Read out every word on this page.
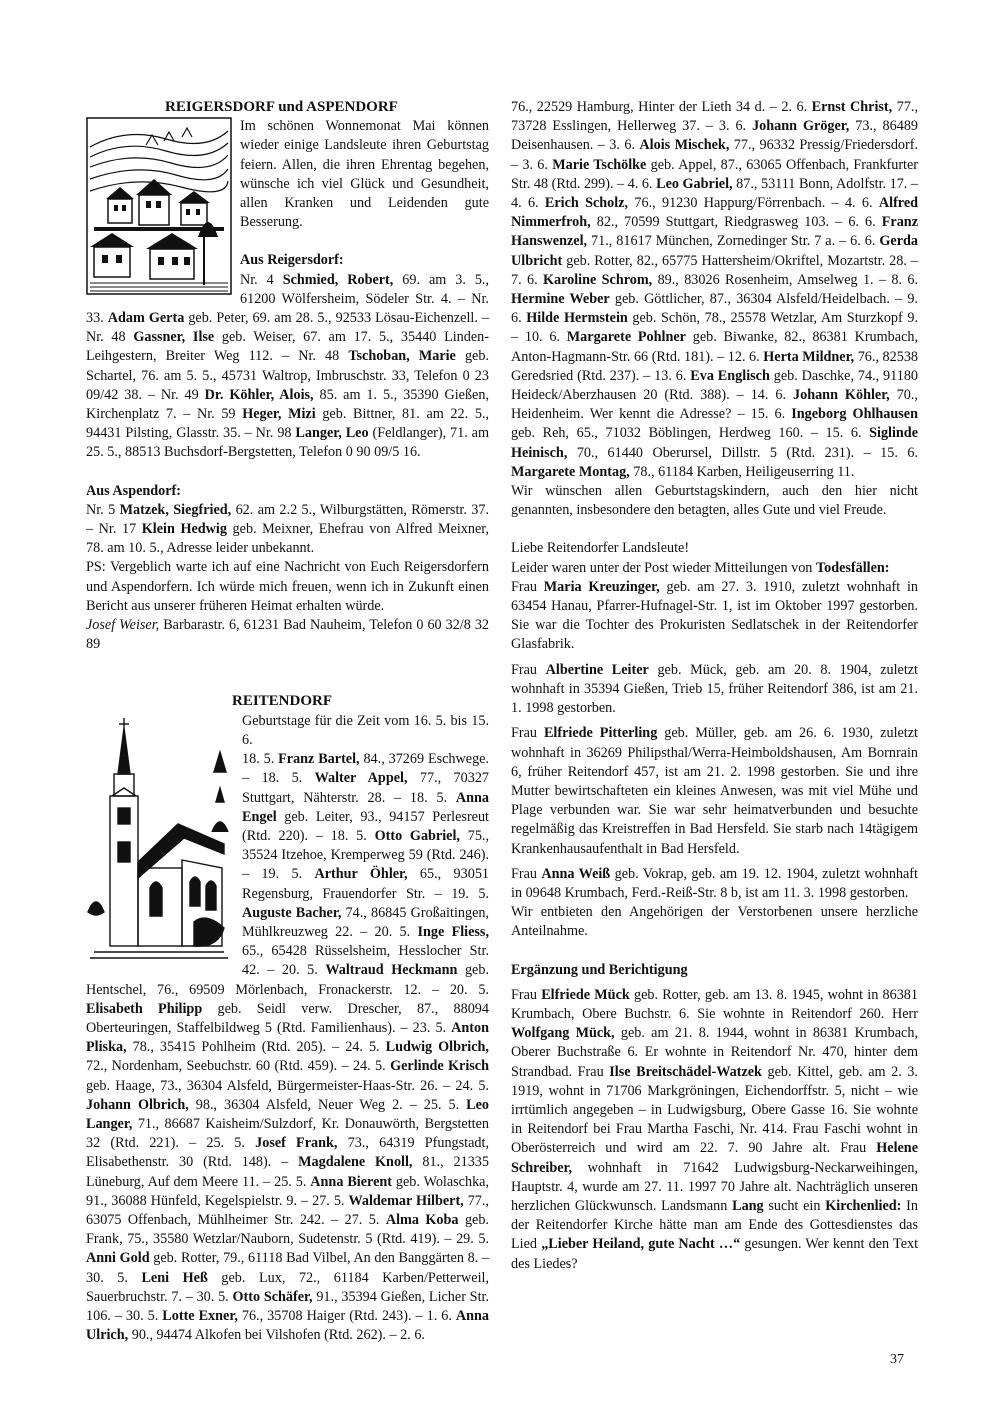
REIGERSDORF und ASPENDORF

Im schönen Wonnemonat Mai können wieder einige Landsleute ihren Geburtstag feiern. Allen, die ihren Ehrentag begehen, wünsche ich viel Glück und Gesundheit, allen Kranken und Leidenden gute Besserung.

Aus Reigersdorf:

Nr. 4 Schmied, Robert, 69. am 3. 5., 61200 Wölfersheim, Södeler Str. 4. – Nr. 33. Adam Gerta geb. Peter, 69. am 28. 5., 92533 Lösau-Eichenzell. – Nr. 48 Gassner, Ilse geb. Weiser, 67. am 17. 5., 35440 Linden-Leihgestern, Breiter Weg 112. – Nr. 48 Tschoban, Marie geb. Schartel, 76. am 5. 5., 45731 Waltrop, Imbruschstr. 33, Telefon 0 23 09/42 38. – Nr. 49 Dr. Köhler, Alois, 85. am 1. 5., 35390 Gießen, Kirchenplatz 7. – Nr. 59 Heger, Mizi geb. Bittner, 81. am 22. 5., 94431 Pilsting, Glasstr. 35. – Nr. 98 Langer, Leo (Feldlanger), 71. am 25. 5., 88513 Buchsdorf-Bergstetten, Telefon 0 90 09/5 16.

Aus Aspendorf:

Nr. 5 Matzek, Siegfried, 62. am 2.2 5., Wilburgstätten, Römerstr. 37. – Nr. 17 Klein Hedwig geb. Meixner, Ehefrau von Alfred Meixner, 78. am 10. 5., Adresse leider unbekannt.

PS: Vergeblich warte ich auf eine Nachricht von Euch Reigersdorfern und Aspendorfern. Ich würde mich freuen, wenn ich in Zukunft einen Bericht aus unserer früheren Heimat erhalten würde.

Josef Weiser, Barbarastr. 6, 61231 Bad Nauheim, Telefon 0 60 32/8 32 89

REITENDORF

Geburtstage für die Zeit vom 16. 5. bis 15. 6.

18. 5. Franz Bartel, 84., 37269 Eschwege. – 18. 5. Walter Appel, 77., 70327 Stuttgart, Nähterstr. 28. – 18. 5. Anna Engel geb. Leiter, 93., 94157 Perlesreut (Rtd. 220). – 18. 5. Otto Gabriel, 75., 35524 Itzehoe, Kremperweg 59 (Rtd. 246). – 19. 5. Arthur Öhler, 65., 93051 Regensburg, Frauendorfer Str. – 19. 5. Auguste Bacher, 74., 86845 Großaitingen, Mühlkreuzweg 22. – 20. 5. Inge Fliess, 65., 65428 Rüsselsheim, Hesslocher Str. 42. – 20. 5. Waltraud Heckmann geb. Hentschel, 76., 69509 Mörlenbach, Fronackerstr. 12. – 20. 5. Elisabeth Philipp geb. Seidl verw. Drescher, 87., 88094 Oberteuringen, Staffelbildweg 5 (Rtd. Familienhaus). – 23. 5. Anton Pliska, 78., 35415 Pohlheim (Rtd. 205). – 24. 5. Ludwig Olbrich, 72., Nordenham, Seebuchstr. 60 (Rtd. 459). – 24. 5. Gerlinde Krisch geb. Haage, 73., 36304 Alsfeld, Bürgermeister-Haas-Str. 26. – 24. 5. Johann Olbrich, 98., 36304 Alsfeld, Neuer Weg 2. – 25. 5. Leo Langer, 71., 86687 Kaisheim/Sulzdorf, Kr. Donauwörth, Bergstetten 32 (Rtd. 221). – 25. 5. Josef Frank, 73., 64319 Pfungstadt, Elisabethenstr. 30 (Rtd. 148). – Magdalene Knoll, 81., 21335 Lüneburg, Auf dem Meere 11. – 25. 5. Anna Bierent geb. Wolaschka, 91., 36088 Hünfeld, Kegelspielstr. 9. – 27. 5. Waldemar Hilbert, 77., 63075 Offenbach, Mühlheimer Str. 242. – 27. 5. Alma Koba geb. Frank, 75., 35580 Wetzlar/Nauborn, Sudetenstr. 5 (Rtd. 419). – 29. 5. Anni Gold geb. Rotter, 79., 61118 Bad Vilbel, An den Banggärten 8. – 30. 5. Leni Heß geb. Lux, 72., 61184 Karben/Petterweil, Sauerbruchstr. 7. – 30. 5. Otto Schäfer, 91., 35394 Gießen, Licher Str. 106. – 30. 5. Lotte Exner, 76., 35708 Haiger (Rtd. 243). – 1. 6. Anna Ulrich, 90., 94474 Alkofen bei Vilshofen (Rtd. 262). – 2. 6.

76., 22529 Hamburg, Hinter der Lieth 34 d. – 2. 6. Ernst Christ, 77., 73728 Esslingen, Hellerweg 37. – 3. 6. Johann Gröger, 73., 86489 Deisenhausen. – 3. 6. Alois Mischek, 77., 96332 Pressig/Friedersdorf. – 3. 6. Marie Tschölke geb. Appel, 87., 63065 Offenbach, Frankfurter Str. 48 (Rtd. 299). – 4. 6. Leo Gabriel, 87., 53111 Bonn, Adolfstr. 17. – 4. 6. Erich Scholz, 76., 91230 Happurg/Förrenbach. – 4. 6. Alfred Nimmerfroh, 82., 70599 Stuttgart, Riedgrasweg 103. – 6. 6. Franz Hanswenzel, 71., 81617 München, Zornedinger Str. 7 a. – 6. 6. Gerda Ulbricht geb. Rotter, 82., 65775 Hattersheim/Okriftel, Mozartstr. 28. – 7. 6. Karoline Schrom, 89., 83026 Rosenheim, Amselweg 1. – 8. 6. Hermine Weber geb. Göttlicher, 87., 36304 Alsfeld/Heidelbach. – 9. 6. Hilde Hermstein geb. Schön, 78., 25578 Wetzlar, Am Sturzkopf 9. – 10. 6. Margarete Pohlner geb. Biwanke, 82., 86381 Krumbach, Anton-Hagmann-Str. 66 (Rtd. 181). – 12. 6. Herta Mildner, 76., 82538 Geredsried (Rtd. 237). – 13. 6. Eva Englisch geb. Daschke, 74., 91180 Heideck/Aberzhausen 20 (Rtd. 388). – 14. 6. Johann Köhler, 70., Heidenheim. Wer kennt die Adresse? – 15. 6. Ingeborg Ohlhausen geb. Reh, 65., 71032 Böblingen, Herdweg 160. – 15. 6. Siglinde Heinisch, 70., 61440 Oberursel, Dillstr. 5 (Rtd. 231). – 15. 6. Margarete Montag, 78., 61184 Karben, Heiligeuserring 11.

Wir wünschen allen Geburtstagskindern, auch den hier nicht genannten, insbesondere den betagten, alles Gute und viel Freude.

Liebe Reitendorfer Landsleute!

Leider waren unter der Post wieder Mitteilungen von Todesfällen:

Frau Maria Kreuzinger, geb. am 27. 3. 1910, zuletzt wohnhaft in 63454 Hanau, Pfarrer-Hufnagel-Str. 1, ist im Oktober 1997 gestorben. Sie war die Tochter des Prokuristen Sedlatschek in der Reitendorfer Glasfabrik.

Frau Albertine Leiter geb. Mück, geb. am 20. 8. 1904, zuletzt wohnhaft in 35394 Gießen, Trieb 15, früher Reitendorf 386, ist am 21. 1. 1998 gestorben.

Frau Elfriede Pitterling geb. Müller, geb. am 26. 6. 1930, zuletzt wohnhaft in 36269 Philipsthal/Werra-Heimboldshausen, Am Bornrain 6, früher Reitendorf 457, ist am 21. 2. 1998 gestorben. Sie und ihre Mutter bewirtschafteten ein kleines Anwesen, was mit viel Mühe und Plage verbunden war. Sie war sehr heimatverbunden und besuchte regelmäßig das Kreistreffen in Bad Hersfeld. Sie starb nach 14tägigem Krankenhausaufenthalt in Bad Hersfeld.

Frau Anna Weiß geb. Vokrap, geb. am 19. 12. 1904, zuletzt wohnhaft in 09648 Krumbach, Ferd.-Reiß-Str. 8 b, ist am 11. 3. 1998 gestorben.

Wir entbieten den Angehörigen der Verstorbenen unsere herzliche Anteilnahme.

Ergänzung und Berichtigung

Frau Elfriede Mück geb. Rotter, geb. am 13. 8. 1945, wohnt in 86381 Krumbach, Obere Buchstr. 6. Sie wohnte in Reitendorf 260. Herr Wolfgang Mück, geb. am 21. 8. 1944, wohnt in 86381 Krumbach, Oberer Buchstraße 6. Er wohnte in Reitendorf Nr. 470, hinter dem Strandbad. Frau Ilse Breitschädel-Watzek geb. Kittel, geb. am 2. 3. 1919, wohnt in 71706 Markgröningen, Eichendorffstr. 5, nicht – wie irrtümlich angegeben – in Ludwigsburg, Obere Gasse 16. Sie wohnte in Reitendorf bei Frau Martha Faschi, Nr. 414. Frau Faschi wohnt in Oberösterreich und wird am 22. 7. 90 Jahre alt. Frau Helene Schreiber, wohnhaft in 71642 Ludwigsburg-Neckarweihingen, Hauptstr. 4, wurde am 27. 11. 1997 70 Jahre alt. Nachträglich unseren herzlichen Glückwunsch. Landsmann Lang sucht ein Kirchenlied: In der Reitendorfer Kirche hätte man am Ende des Gottesdienstes das Lied „Lieber Heiland, gute Nacht …“ gesungen. Wer kennt den Text des Liedes?

37
